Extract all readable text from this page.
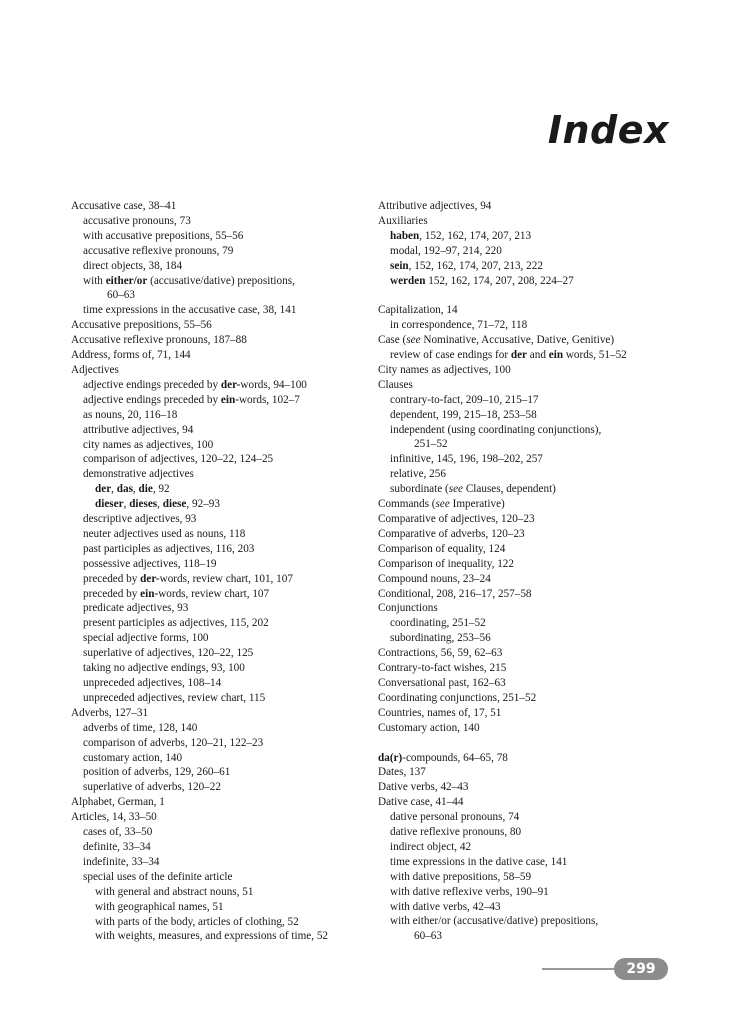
Index
Accusative case, 38–41
accusative pronouns, 73
with accusative prepositions, 55–56
accusative reflexive pronouns, 79
direct objects, 38, 184
with either/or (accusative/dative) prepositions,
60–63
time expressions in the accusative case, 38, 141
Accusative prepositions, 55–56
Accusative reflexive pronouns, 187–88
Address, forms of, 71, 144
Adjectives
adjective endings preceded by der-words, 94–100
adjective endings preceded by ein-words, 102–7
as nouns, 20, 116–18
attributive adjectives, 94
city names as adjectives, 100
comparison of adjectives, 120–22, 124–25
demonstrative adjectives
der, das, die, 92
dieser, dieses, diese, 92–93
descriptive adjectives, 93
neuter adjectives used as nouns, 118
past participles as adjectives, 116, 203
possessive adjectives, 118–19
preceded by der-words, review chart, 101, 107
preceded by ein-words, review chart, 107
predicate adjectives, 93
present participles as adjectives, 115, 202
special adjective forms, 100
superlative of adjectives, 120–22, 125
taking no adjective endings, 93, 100
unpreceded adjectives, 108–14
unpreceded adjectives, review chart, 115
Adverbs, 127–31
adverbs of time, 128, 140
comparison of adverbs, 120–21, 122–23
customary action, 140
position of adverbs, 129, 260–61
superlative of adverbs, 120–22
Alphabet, German, 1
Articles, 14, 33–50
cases of, 33–50
definite, 33–34
indefinite, 33–34
special uses of the definite article
with general and abstract nouns, 51
with geographical names, 51
with parts of the body, articles of clothing, 52
with weights, measures, and expressions of time, 52
Attributive adjectives, 94
Auxiliaries
haben, 152, 162, 174, 207, 213
modal, 192–97, 214, 220
sein, 152, 162, 174, 207, 213, 222
werden 152, 162, 174, 207, 208, 224–27
Capitalization, 14
in correspondence, 71–72, 118
Case (see Nominative, Accusative, Dative, Genitive)
review of case endings for der and ein words, 51–52
City names as adjectives, 100
Clauses
contrary-to-fact, 209–10, 215–17
dependent, 199, 215–18, 253–58
independent (using coordinating conjunctions),
251–52
infinitive, 145, 196, 198–202, 257
relative, 256
subordinate (see Clauses, dependent)
Commands (see Imperative)
Comparative of adjectives, 120–23
Comparative of adverbs, 120–23
Comparison of equality, 124
Comparison of inequality, 122
Compound nouns, 23–24
Conditional, 208, 216–17, 257–58
Conjunctions
coordinating, 251–52
subordinating, 253–56
Contractions, 56, 59, 62–63
Contrary-to-fact wishes, 215
Conversational past, 162–63
Coordinating conjunctions, 251–52
Countries, names of, 17, 51
Customary action, 140
da(r)-compounds, 64–65, 78
Dates, 137
Dative verbs, 42–43
Dative case, 41–44
dative personal pronouns, 74
dative reflexive pronouns, 80
indirect object, 42
time expressions in the dative case, 141
with dative prepositions, 58–59
with dative reflexive verbs, 190–91
with dative verbs, 42–43
with either/or (accusative/dative) prepositions,
60–63
299
